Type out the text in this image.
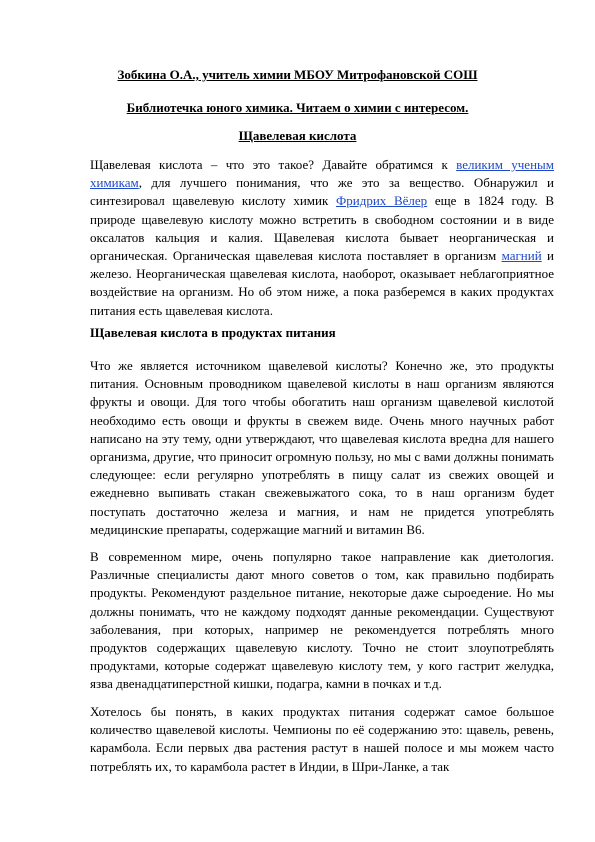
Зобкина О.А., учитель химии МБОУ Митрофановской СОШ
Библиотечка юного химика. Читаем о химии с интересом.
Щавелевая кислота

Щавелевая кислота – что это такое? Давайте обратимся к великим ученым химикам, для лучшего понимания, что же это за вещество. Обнаружил и синтезировал щавелевую кислоту химик Фридрих Вёлер еще в 1824 году. В природе щавелевую кислоту можно встретить в свободном состоянии и в виде оксалатов кальция и калия. Щавелевая кислота бывает неорганическая и органическая. Органическая щавелевая кислота поставляет в организм магний и железо. Неорганическая щавелевая кислота, наоборот, оказывает неблагоприятное воздействие на организм. Но об этом ниже, а пока разберемся в каких продуктах питания есть щавелевая кислота.

Щавелевая кислота в продуктах питания

Что же является источником щавелевой кислоты? Конечно же, это продукты питания. Основным проводником щавелевой кислоты в наш организм являются фрукты и овощи. Для того чтобы обогатить наш организм щавелевой кислотой необходимо есть овощи и фрукты в свежем виде. Очень много научных работ написано на эту тему, одни утверждают, что щавелевая кислота вредна для нашего организма, другие, что приносит огромную пользу, но мы с вами должны понимать следующее: если регулярно употреблять в пищу салат из свежих овощей и ежедневно выпивать стакан свежевыжатого сока, то в наш организм будет поступать достаточно железа и магния, и нам не придется употреблять медицинские препараты, содержащие магний и витамин В6.

В современном мире, очень популярно такое направление как диетология. Различные специалисты дают много советов о том, как правильно подбирать продукты. Рекомендуют раздельное питание, некоторые даже сыроедение. Но мы должны понимать, что не каждому подходят данные рекомендации. Существуют заболевания, при которых, например не рекомендуется потреблять много продуктов содержащих щавелевую кислоту. Точно не стоит злоупотреблять продуктами, которые содержат щавелевую кислоту тем, у кого гастрит желудка, язва двенадцатиперстной кишки, подагра, камни в почках и т.д.

Хотелось бы понять, в каких продуктах питания содержат самое большое количество щавелевой кислоты. Чемпионы по её содержанию это: щавель, ревень, карамбола. Если первых два растения растут в нашей полосе и мы можем часто потреблять их, то карамбола растет в Индии, в Шри-Ланке, а так
